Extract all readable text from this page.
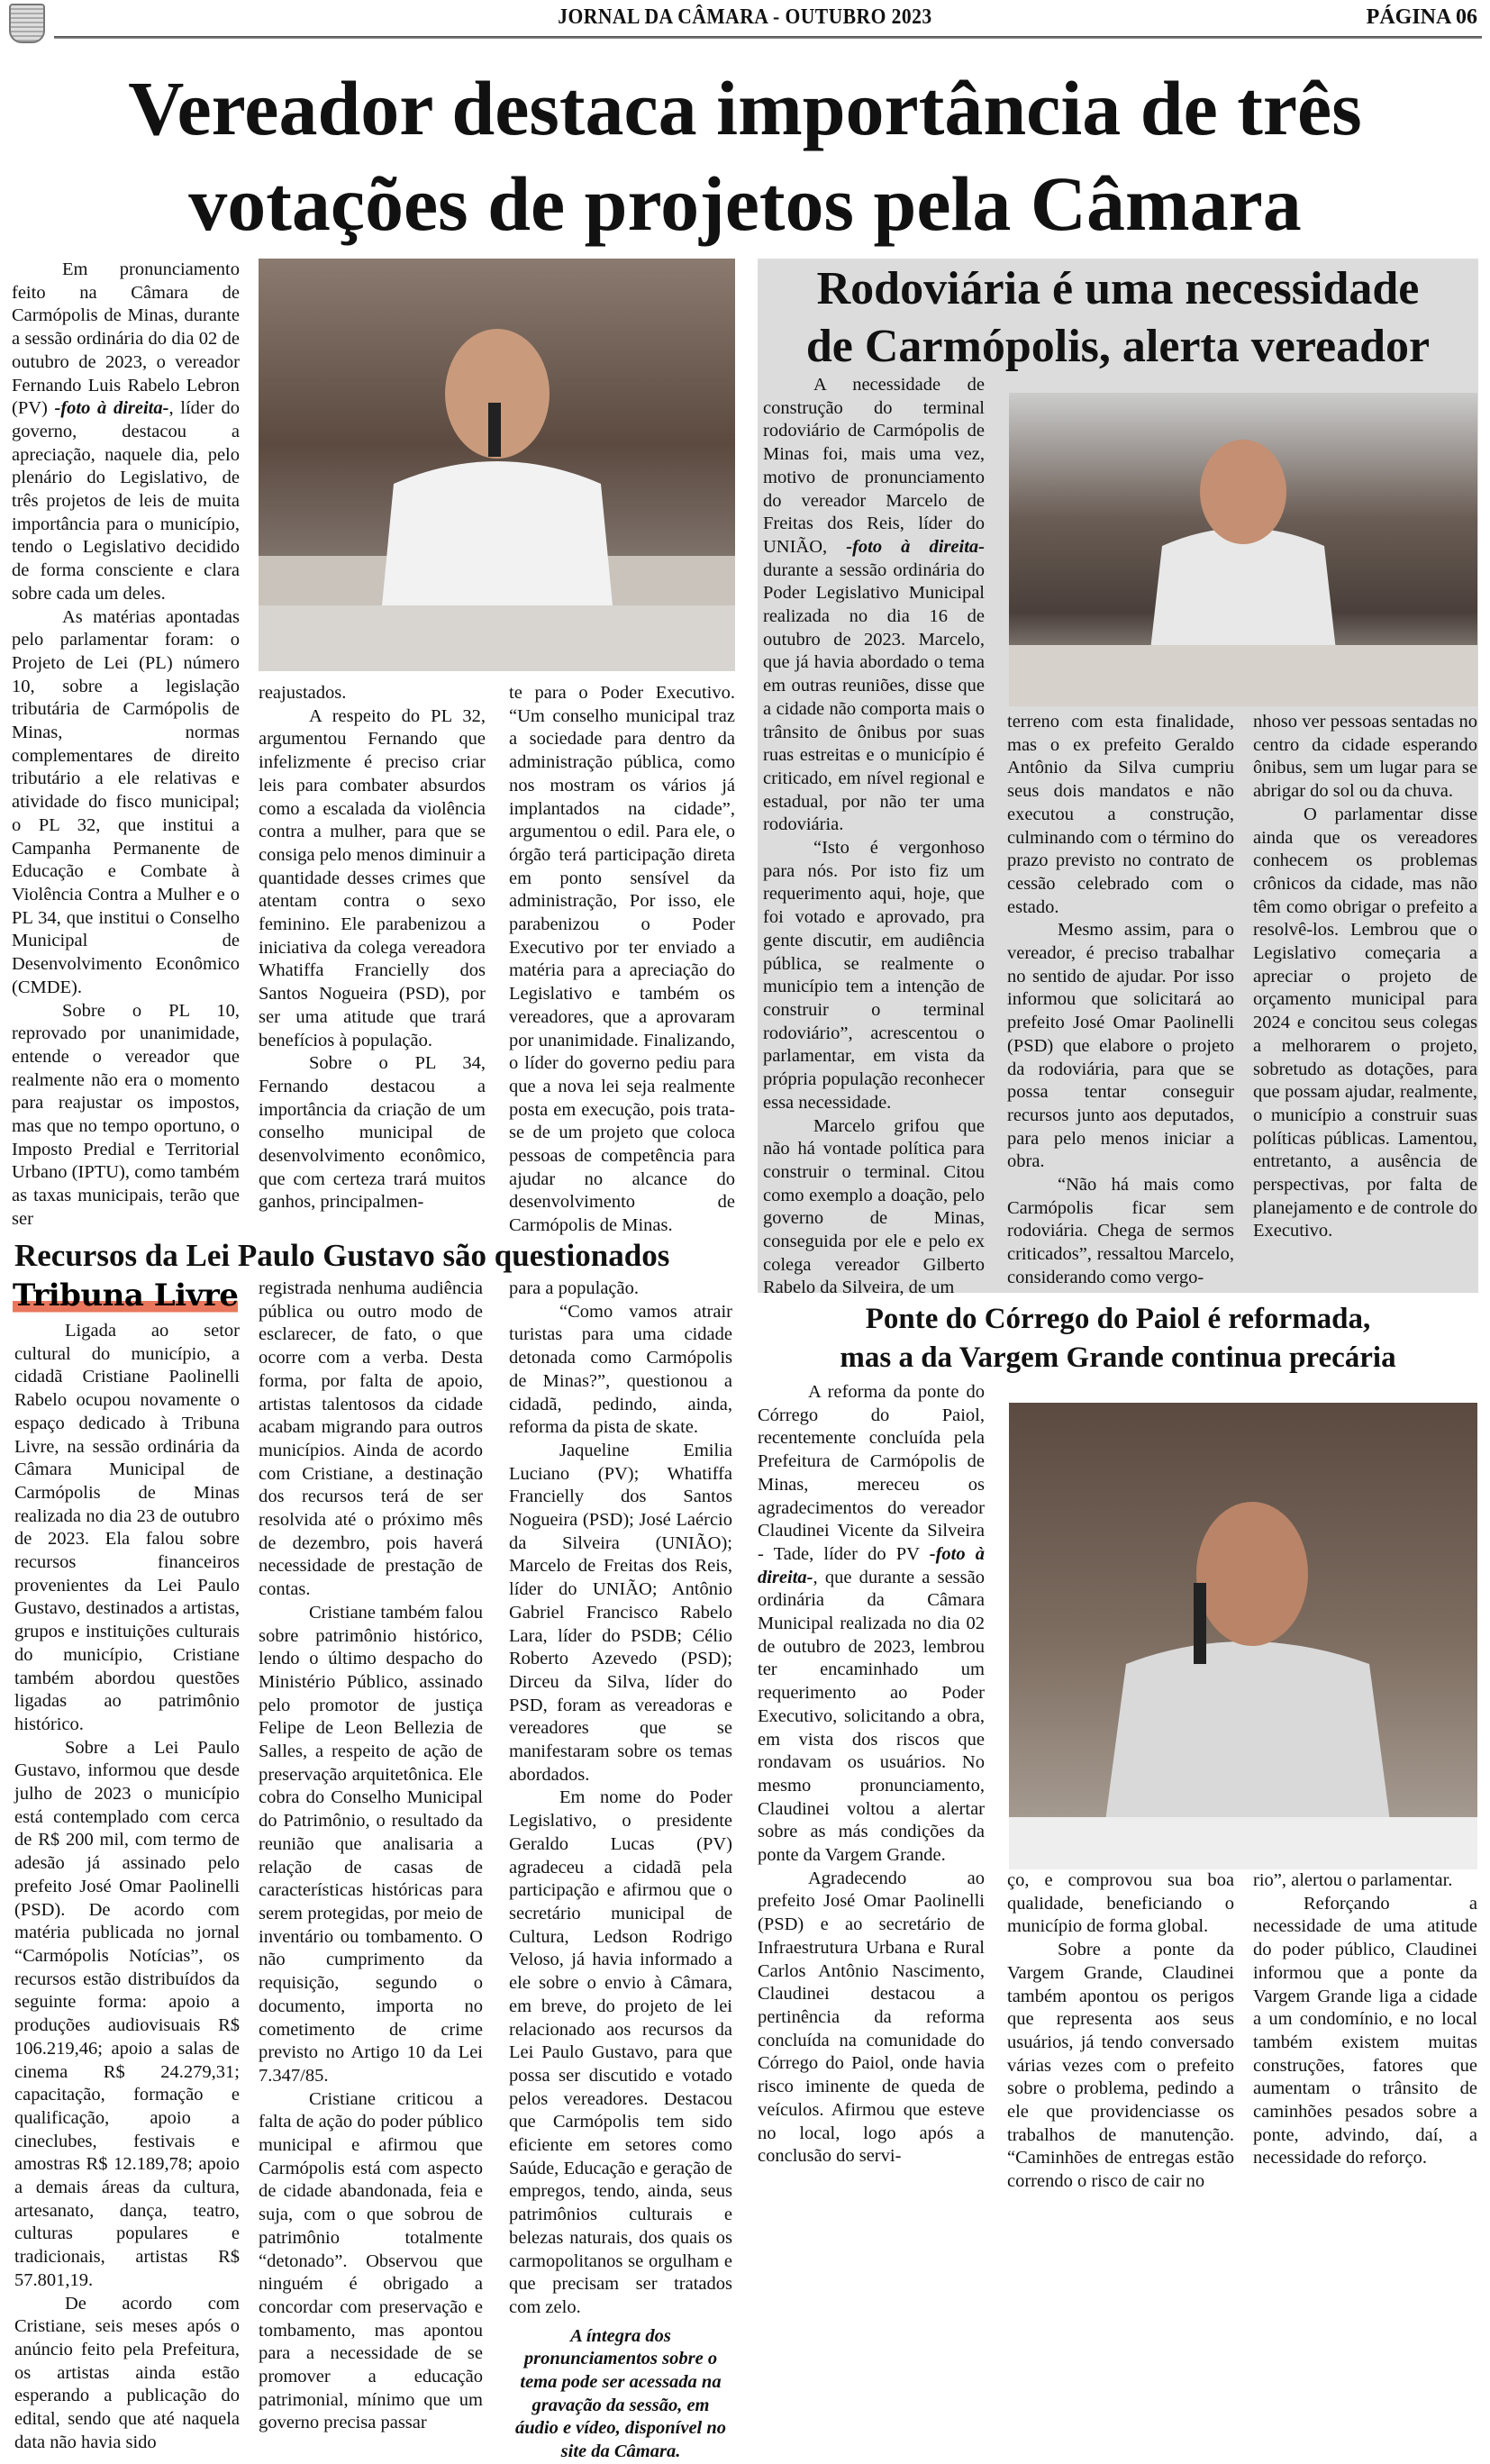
JORNAL DA CÂMARA - OUTUBRO 2023	PÁGINA 06
Vereador destaca importância de três
votações de projetos pela Câmara

Em pronunciamento feito na Câmara de Carmópolis de Minas, durante a sessão ordinária do dia 02 de outubro de 2023, o vereador Fernando Luis Rabelo Lebron (PV) -foto à direita-, líder do governo, destacou a apreciação, naquele dia, pelo plenário do Legislativo, de três projetos de leis de muita importância para o município, tendo o Legislativo decidido de forma consciente e clara sobre cada um deles.

As matérias apontadas pelo parlamentar foram: o Projeto de Lei (PL) número 10, sobre a legislação tributária de Carmópolis de Minas, normas complementares de direito tributário a ele relativas e atividade do fisco municipal; o PL 32, que institui a Campanha Permanente de Educação e Combate à Violência Contra a Mulher e o PL 34, que institui o Conselho Municipal de Desenvolvimento Econômico (CMDE).

Sobre o PL 10, reprovado por unanimidade, entende o vereador que realmente não era o momento para reajustar os impostos, mas que no tempo oportuno, o Imposto Predial e Territorial Urbano (IPTU), como também as taxas municipais, terão que ser

reajustados.

A respeito do PL 32, argumentou Fernando que infelizmente é preciso criar leis para combater absurdos como a escalada da violência contra a mulher, para que se consiga pelo menos diminuir a quantidade desses crimes que atentam contra o sexo feminino. Ele parabenizou a iniciativa da colega vereadora Whatiffa Francielly dos Santos Nogueira (PSD), por ser uma atitude que trará benefícios à população.

Sobre o PL 34, Fernando destacou a importância da criação de um conselho municipal de desenvolvimento econômico, que com certeza trará muitos ganhos, principalmen-

te para o Poder Executivo. “Um conselho municipal traz a sociedade para dentro da administração pública, como nos mostram os vários já implantados na cidade”, argumentou o edil. Para ele, o órgão terá participação direta em ponto sensível da administração, Por isso, ele parabenizou o Poder Executivo por ter enviado a matéria para a apreciação do Legislativo e também os vereadores, que a aprovaram por unanimidade. Finalizando, o líder do governo pediu para que a nova lei seja realmente posta em execução, pois trata-se de um projeto que coloca pessoas de competência para ajudar no alcance do desenvolvimento de Carmópolis de Minas.

Rodoviária é uma necessidade
de Carmópolis, alerta vereador

A necessidade de construção do terminal rodoviário de Carmópolis de Minas foi, mais uma vez, motivo de pronunciamento do vereador Marcelo de Freitas dos Reis, líder do UNIÃO, -foto à direita- durante a sessão ordinária do Poder Legislativo Municipal realizada no dia 16 de outubro de 2023. Marcelo, que já havia abordado o tema em outras reuniões, disse que a cidade não comporta mais o trânsito de ônibus por suas ruas estreitas e o município é criticado, em nível regional e estadual, por não ter uma rodoviária.

“Isto é vergonhoso para nós. Por isto fiz um requerimento aqui, hoje, que foi votado e aprovado, pra gente discutir, em audiência pública, se realmente o município tem a intenção de construir o terminal rodoviário”, acrescentou o parlamentar, em vista da própria população reconhecer essa necessidade.

Marcelo grifou que não há vontade política para construir o terminal. Citou como exemplo a doação, pelo governo de Minas, conseguida por ele e pelo ex colega vereador Gilberto Rabelo da Silveira, de um

terreno com esta finalidade, mas o ex prefeito Geraldo Antônio da Silva cumpriu seus dois mandatos e não executou a construção, culminando com o término do prazo previsto no contrato de cessão celebrado com o estado.

Mesmo assim, para o vereador, é preciso trabalhar no sentido de ajudar. Por isso informou que solicitará ao prefeito José Omar Paolinelli (PSD) que elabore o projeto da rodoviária, para que se possa tentar conseguir recursos junto aos deputados, para pelo menos iniciar a obra.

“Não há mais como Carmópolis ficar sem rodoviária. Chega de sermos criticados”, ressaltou Marcelo, considerando como vergo-

nhoso ver pessoas sentadas no centro da cidade esperando ônibus, sem um lugar para se abrigar do sol ou da chuva.

O parlamentar disse ainda que os vereadores conhecem os problemas crônicos da cidade, mas não têm como obrigar o prefeito a resolvê-los. Lembrou que o Legislativo começaria a apreciar o projeto de orçamento municipal para 2024 e concitou seus colegas a melhorarem o projeto, sobretudo as dotações, para que possam ajudar, realmente, o município a construir suas políticas públicas. Lamentou, entretanto, a ausência de perspectivas, por falta de planejamento e de controle do Executivo.

Recursos da Lei Paulo Gustavo são questionados
Tribuna Livre

Ligada ao setor cultural do município, a cidadã Cristiane Paolinelli Rabelo ocupou novamente o espaço dedicado à Tribuna Livre, na sessão ordinária da Câmara Municipal de Carmópolis de Minas realizada no dia 23 de outubro de 2023. Ela falou sobre recursos financeiros provenientes da Lei Paulo Gustavo, destinados a artistas, grupos e instituições culturais do município, Cristiane também abordou questões ligadas ao patrimônio histórico.

Sobre a Lei Paulo Gustavo, informou que desde julho de 2023 o município está contemplado com cerca de R$ 200 mil, com termo de adesão já assinado pelo prefeito José Omar Paolinelli (PSD). De acordo com matéria publicada no jornal “Carmópolis Notícias”, os recursos estão distribuídos da seguinte forma: apoio a produções audiovisuais R$ 106.219,46; apoio a salas de cinema R$ 24.279,31; capacitação, formação e qualificação, apoio a cineclubes, festivais e amostras R$ 12.189,78; apoio a demais áreas da cultura, artesanato, dança, teatro, culturas populares e tradicionais, artistas R$ 57.801,19.

De acordo com Cristiane, seis meses após o anúncio feito pela Prefeitura, os artistas ainda estão esperando a publicação do edital, sendo que até naquela data não havia sido

registrada nenhuma audiência pública ou outro modo de esclarecer, de fato, o que ocorre com a verba. Desta forma, por falta de apoio, artistas talentosos da cidade acabam migrando para outros municípios. Ainda de acordo com Cristiane, a destinação dos recursos terá de ser resolvida até o próximo mês de dezembro, pois haverá necessidade de prestação de contas.

Cristiane também falou sobre patrimônio histórico, lendo o último despacho do Ministério Público, assinado pelo promotor de justiça Felipe de Leon Bellezia de Salles, a respeito de ação de preservação arquitetônica. Ele cobra do Conselho Municipal do Patrimônio, o resultado da reunião que analisaria a relação de casas de características históricas para serem protegidas, por meio de inventário ou tombamento. O não cumprimento da requisição, segundo o documento, importa no cometimento de crime previsto no Artigo 10 da Lei 7.347/85.

Cristiane criticou a falta de ação do poder público municipal e afirmou que Carmópolis está com aspecto de cidade abandonada, feia e suja, com o que sobrou de patrimônio totalmente “detonado”. Observou que ninguém é obrigado a concordar com preservação e tombamento, mas apontou para a necessidade de se promover a educação patrimonial, mínimo que um governo precisa passar

para a população.

“Como vamos atrair turistas para uma cidade detonada como Carmópolis de Minas?”, questionou a cidadã, pedindo, ainda, reforma da pista de skate.

Jaqueline Emilia Luciano (PV); Whatiffa Francielly dos Santos Nogueira (PSD); José Laércio da Silveira (UNIÃO); Marcelo de Freitas dos Reis, líder do UNIÃO; Antônio Gabriel Francisco Rabelo Lara, líder do PSDB; Célio Roberto Azevedo (PSD); Dirceu da Silva, líder do PSD, foram as vereadoras e vereadores que se manifestaram sobre os temas abordados.

Em nome do Poder Legislativo, o presidente Geraldo Lucas (PV) agradeceu a cidadã pela participação e afirmou que o secretário municipal de Cultura, Ledson Rodrigo Veloso, já havia informado a ele sobre o envio à Câmara, em breve, do projeto de lei relacionado aos recursos da Lei Paulo Gustavo, para que possa ser discutido e votado pelos vereadores. Destacou que Carmópolis tem sido eficiente em setores como Saúde, Educação e geração de empregos, tendo, ainda, seus patrimônios culturais e belezas naturais, dos quais os carmopolitanos se orgulham e que precisam ser tratados com zelo.

A íntegra dos pronunciamentos sobre o tema pode ser acessada na gravação da sessão, em áudio e vídeo, disponível no site da Câmara.

Ponte do Córrego do Paiol é reformada,
mas a da Vargem Grande continua precária

A reforma da ponte do Córrego do Paiol, recentemente concluída pela Prefeitura de Carmópolis de Minas, mereceu os agradecimentos do vereador Claudinei Vicente da Silveira - Tade, líder do PV -foto à direita-, que durante a sessão ordinária da Câmara Municipal realizada no dia 02 de outubro de 2023, lembrou ter encaminhado um requerimento ao Poder Executivo, solicitando a obra, em vista dos riscos que rondavam os usuários. No mesmo pronunciamento, Claudinei voltou a alertar sobre as más condições da ponte da Vargem Grande.

Agradecendo ao prefeito José Omar Paolinelli (PSD) e ao secretário de Infraestrutura Urbana e Rural Carlos Antônio Nascimento, Claudinei destacou a pertinência da reforma concluída na comunidade do Córrego do Paiol, onde havia risco iminente de queda de veículos. Afirmou que esteve no local, logo após a conclusão do servi-

ço, e comprovou sua boa qualidade, beneficiando o município de forma global.

Sobre a ponte da Vargem Grande, Claudinei também apontou os perigos que representa aos seus usuários, já tendo conversado várias vezes com o prefeito sobre o problema, pedindo a ele que providenciasse os trabalhos de manutenção. “Caminhões de entregas estão correndo o risco de cair no

rio”, alertou o parlamentar.

Reforçando a necessidade de uma atitude do poder público, Claudinei informou que a ponte da Vargem Grande liga a cidade a um condomínio, e no local também existem muitas construções, fatores que aumentam o trânsito de caminhões pesados sobre a ponte, advindo, daí, a necessidade do reforço.
